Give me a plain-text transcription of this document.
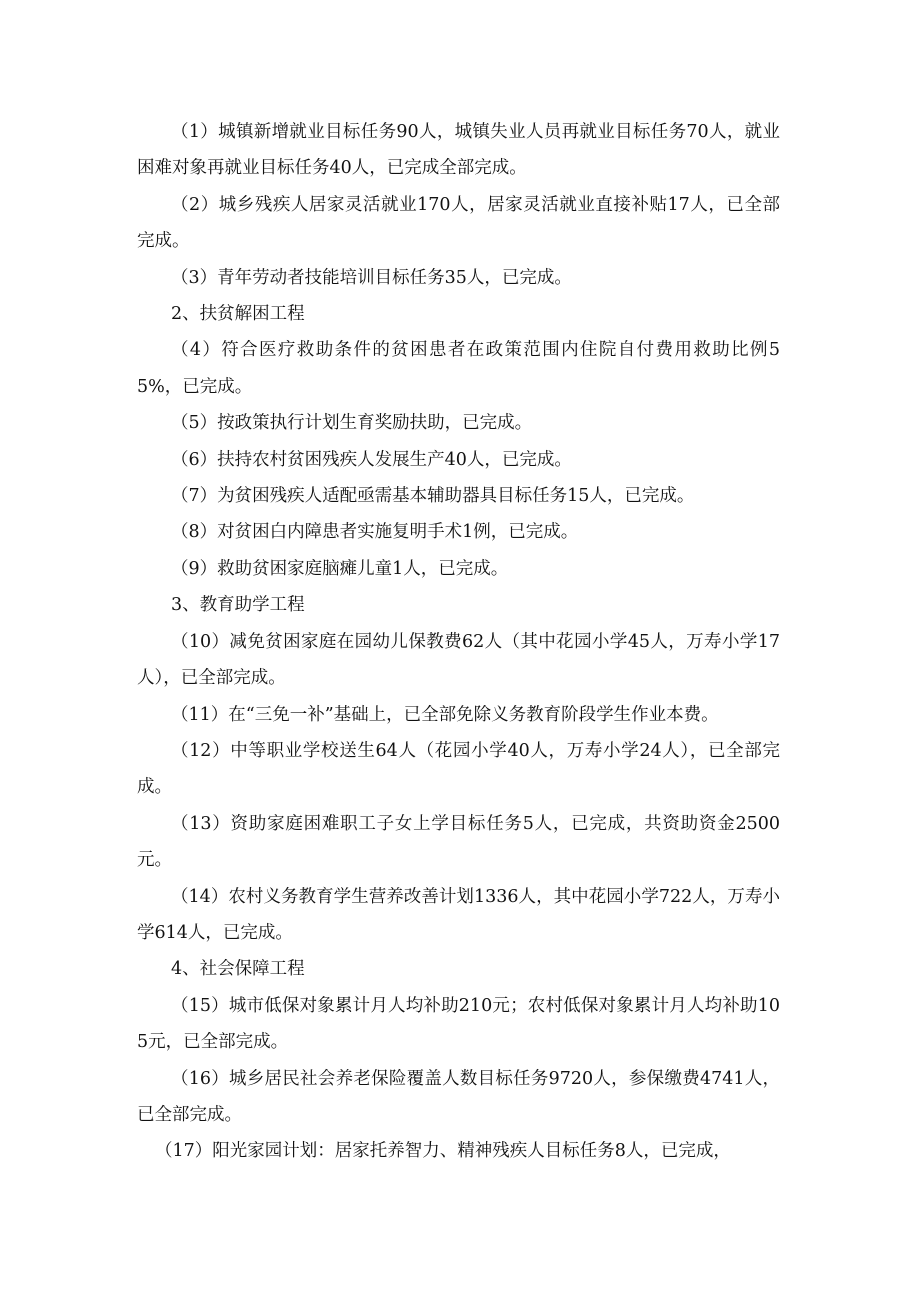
（1）城镇新增就业目标任务90人，城镇失业人员再就业目标任务70人，就业困难对象再就业目标任务40人，已完成全部完成。

（2）城乡残疾人居家灵活就业170人，居家灵活就业直接补贴17人，已全部完成。

（3）青年劳动者技能培训目标任务35人，已完成。

2、扶贫解困工程

（4）符合医疗救助条件的贫困患者在政策范围内住院自付费用救助比例55%，已完成。

（5）按政策执行计划生育奖励扶助，已完成。

（6）扶持农村贫困残疾人发展生产40人，已完成。

（7）为贫困残疾人适配亟需基本辅助器具目标任务15人，已完成。

（8）对贫困白内障患者实施复明手术1例，已完成。

（9）救助贫困家庭脑瘫儿童1人，已完成。

3、教育助学工程

（10）减免贫困家庭在园幼儿保教费62人（其中花园小学45人，万寿小学17人），已全部完成。

（11）在“三免一补”基础上，已全部免除义务教育阶段学生作业本费。

（12）中等职业学校送生64人（花园小学40人，万寿小学24人），已全部完成。

（13）资助家庭困难职工子女上学目标任务5人，已完成，共资助资金2500元。

（14）农村义务教育学生营养改善计划1336人，其中花园小学722人，万寿小学614人，已完成。

4、社会保障工程

（15）城市低保对象累计月人均补助210元；农村低保对象累计月人均补助105元，已全部完成。

（16）城乡居民社会养老保险覆盖人数目标任务9720人，参保缴费4741人，已全部完成。

（17）阳光家园计划：居家托养智力、精神残疾人目标任务8人，已完成，
